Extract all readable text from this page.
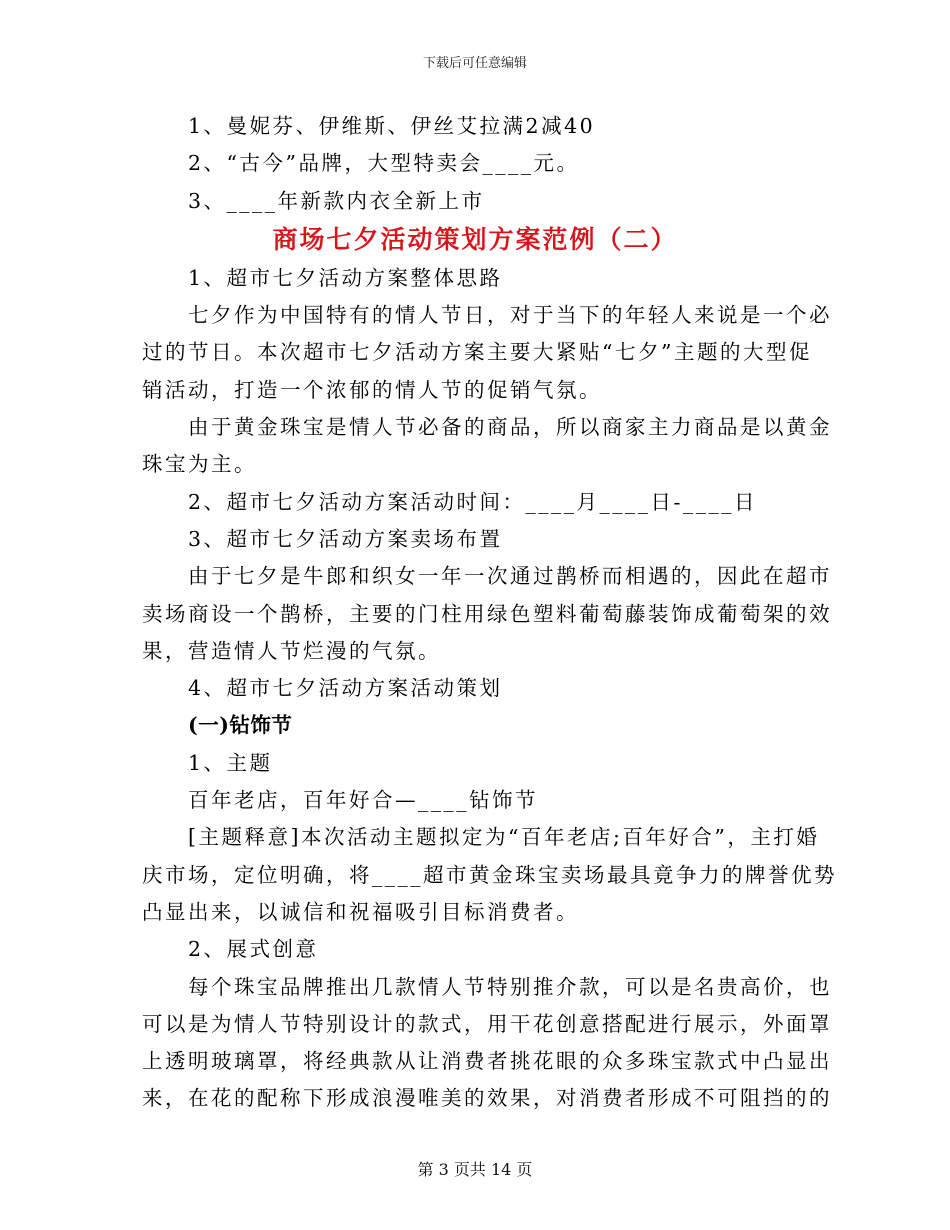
下载后可任意编辑

1、曼妮芬、伊维斯、伊丝艾拉满2减40

2、“古今”品牌，大型特卖会____元。

3、____年新款内衣全新上市

商场七夕活动策划方案范例（二）

1、超市七夕活动方案整体思路

七夕作为中国特有的情人节日，对于当下的年轻人来说是一个必

过的节日。本次超市七夕活动方案主要大紧贴“七夕”主题的大型促

销活动，打造一个浓郁的情人节的促销气氛。

由于黄金珠宝是情人节必备的商品，所以商家主力商品是以黄金

珠宝为主。

2、超市七夕活动方案活动时间：____月____日-____日

3、超市七夕活动方案卖场布置

由于七夕是牛郎和织女一年一次通过鹊桥而相遇的，因此在超市

卖场商设一个鹊桥，主要的门柱用绿色塑料葡萄藤装饰成葡萄架的效

果，营造情人节烂漫的气氛。

4、超市七夕活动方案活动策划

(一)钻饰节

1、主题

百年老店，百年好合—____钻饰节

[主题释意]本次活动主题拟定为“百年老店;百年好合”，主打婚

庆市场，定位明确，将____超市黄金珠宝卖场最具竟争力的牌誉优势

凸显出来，以诚信和祝福吸引目标消费者。

2、展式创意

每个珠宝品牌推出几款情人节特别推介款，可以是名贵高价，也

可以是为情人节特别设计的款式，用干花创意搭配进行展示，外面罩

上透明玻璃罩，将经典款从让消费者挑花眼的众多珠宝款式中凸显出

来，在花的配称下形成浪漫唯美的效果，对消费者形成不可阻挡的的

第 3 页共 14 页
